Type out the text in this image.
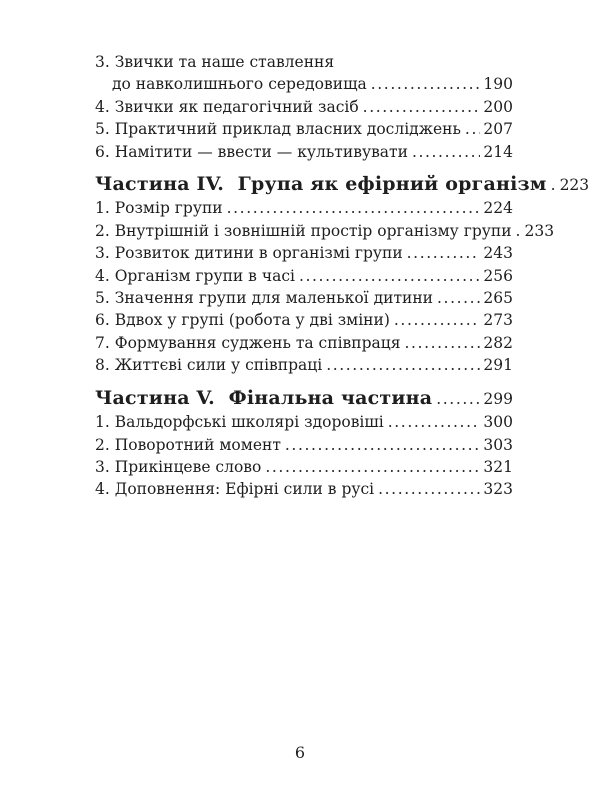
3. Звички та наше ставлення
до навколишнього середовища .....	190
4. Звички як педагогічний засіб .....	200
5. Практичний приклад власних досліджень ..... 207
6. Намітити — ввести — культивувати .....	214
Частина IV.  Група як ефірний організм ..... 223
1. Розмір групи .....	224
2. Внутрішній і зовнішній простір організму групи ..... 233
3. Розвиток дитини в організмі групи .....	243
4. Організм групи в часі .....	256
5. Значення групи для маленької дитини .....	265
6. Вдвох у групі (робота у дві зміни) .....	273
7. Формування суджень та співпраця .....	282
8. Життєві сили у співпраці .....	291
Частина V.  Фінальна частина .....	299
1. Вальдорфські школярі здоровіші .....	300
2. Поворотний момент .....	303
3. Прикінцеве слово .....	321
4. Доповнення: Ефірні сили в русі .....	323
6
